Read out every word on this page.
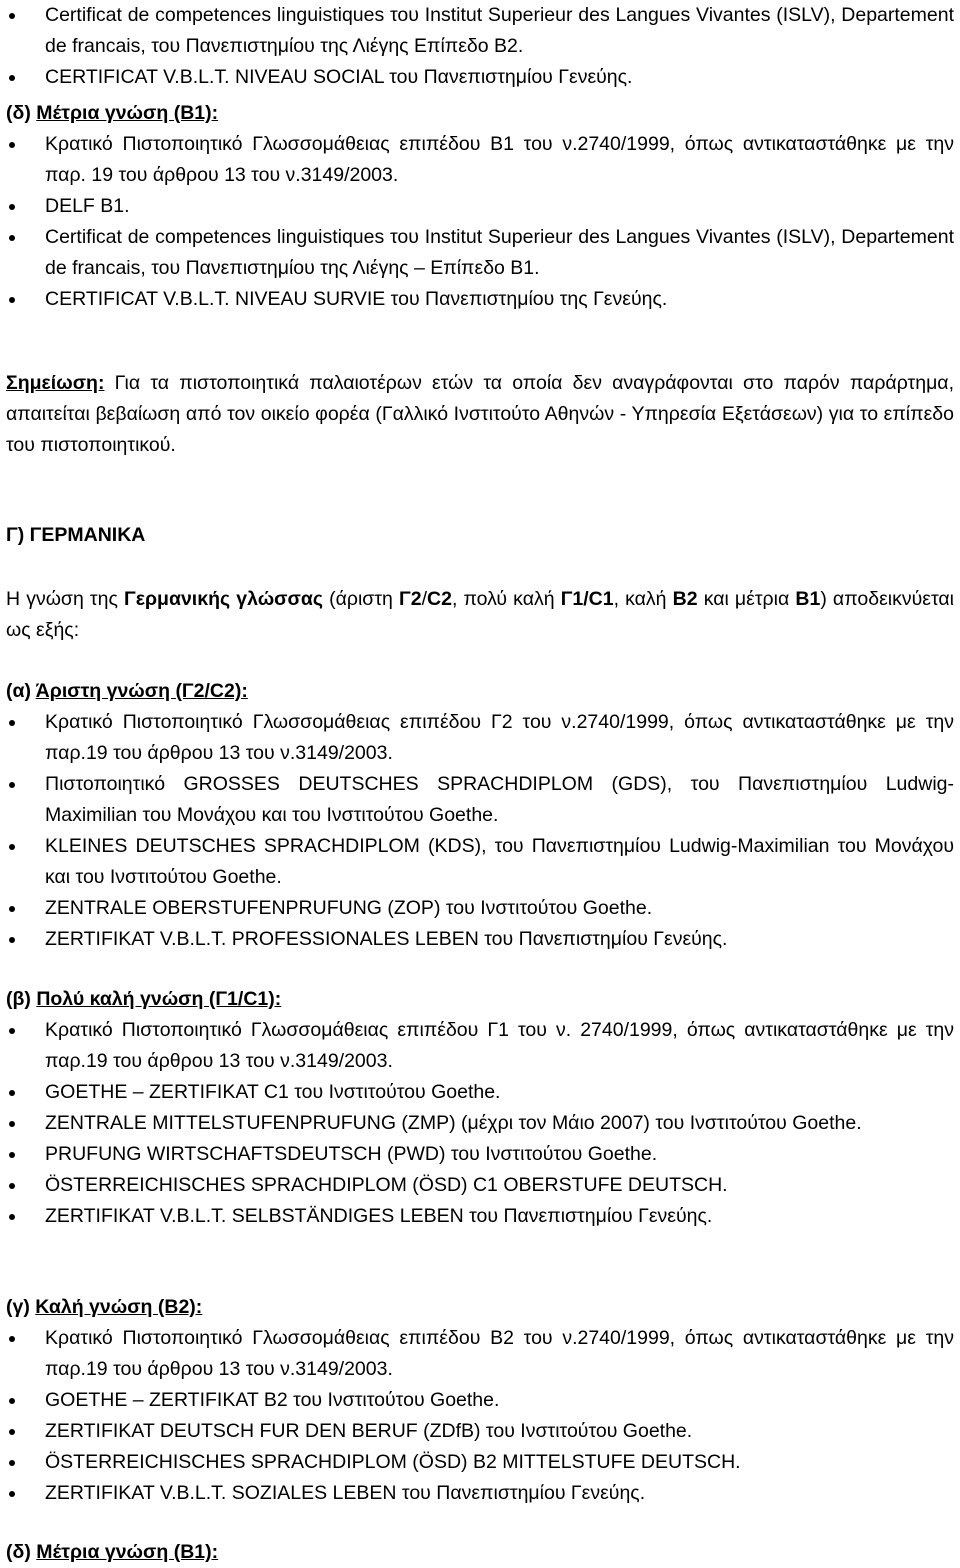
Certificat de competences linguistiques του Institut Superieur des Langues Vivantes (ISLV), Departement de francais, του Πανεπιστημίου της Λιέγης Επίπεδο Β2.
CERTIFICAT V.B.L.T. NIVEAU SOCIAL του Πανεπιστημίου Γενεύης.
(δ) Μέτρια γνώση (Β1):
Κρατικό Πιστοποιητικό Γλωσσομάθειας επιπέδου Β1 του ν.2740/1999, όπως αντικαταστάθηκε με την παρ. 19 του άρθρου 13 του ν.3149/2003.
DELF B1.
Certificat de competences linguistiques του Institut Superieur des Langues Vivantes (ISLV), Departement de francais, του Πανεπιστημίου της Λιέγης – Επίπεδο Β1.
CERTIFICAT V.B.L.T. NIVEAU SURVIE του Πανεπιστημίου της Γενεύης.

Σημείωση: Για τα πιστοποιητικά παλαιοτέρων ετών τα οποία δεν αναγράφονται στο παρόν παράρτημα, απαιτείται βεβαίωση από τον οικείο φορέα (Γαλλικό Ινστιτούτο Αθηνών - Υπηρεσία Εξετάσεων) για το επίπεδο του πιστοποιητικού.

Γ) ΓΕΡΜΑΝΙΚΑ

Η γνώση της Γερμανικής γλώσσας (άριστη Γ2/C2, πολύ καλή Γ1/C1, καλή Β2 και μέτρια Β1) αποδεικνύεται ως εξής:

(α) Άριστη γνώση (Γ2/C2):
Κρατικό Πιστοποιητικό Γλωσσομάθειας επιπέδου Γ2 του ν.2740/1999, όπως αντικαταστάθηκε με την παρ.19 του άρθρου 13 του ν.3149/2003.
Πιστοποιητικό GROSSES DEUTSCHES SPRACHDIPLOM (GDS), του Πανεπιστημίου Ludwig-Maximilian του Μονάχου και του Ινστιτούτου Goethe.
KLEINES DEUTSCHES SPRACHDIPLOM (KDS), του Πανεπιστημίου Ludwig-Maximilian του Μονάχου και του Ινστιτούτου Goethe.
ZENTRALE OBERSTUFENPRUFUNG (ZOP) του Ινστιτούτου Goethe.
ZERTIFIKAT V.B.L.T. PROFESSIONALES LEBEN του Πανεπιστημίου Γενεύης.
(β) Πολύ καλή γνώση (Γ1/C1):
Κρατικό Πιστοποιητικό Γλωσσομάθειας επιπέδου Γ1 του ν. 2740/1999, όπως αντικαταστάθηκε με την παρ.19 του άρθρου 13 του ν.3149/2003.
GOETHE – ZERTIFIKAT C1 του Ινστιτούτου Goethe.
ZENTRALE MITTELSTUFENPRUFUNG (ZMP) (μέχρι τον Μάιο 2007) του Ινστιτούτου Goethe.
PRUFUNG WIRTSCHAFTSDEUTSCH (PWD) του Ινστιτούτου Goethe.
ÖSTERREICHISCHES SPRACHDIPLOM (ÖSD) C1 OBERSTUFE DEUTSCH.
ZERTIFIKAT V.B.L.T. SELBSTÄNDIGES LEBEN του Πανεπιστημίου Γενεύης.
(γ) Καλή γνώση (Β2):
Κρατικό Πιστοποιητικό Γλωσσομάθειας επιπέδου Β2 του ν.2740/1999, όπως αντικαταστάθηκε με την παρ.19 του άρθρου 13 του ν.3149/2003.
GOETHE – ZERTIFIKAT B2 του Ινστιτούτου Goethe.
ZERTIFIKAT DEUTSCH FUR DEN BERUF (ZDfB) του Ινστιτούτου Goethe.
ÖSTERREICHISCHES SPRACHDIPLOM (ÖSD) B2 MITTELSTUFE DEUTSCH.
ZERTIFIKAT V.B.L.T. SOZIALES LEBEN του Πανεπιστημίου Γενεύης.
(δ) Μέτρια γνώση (Β1):
